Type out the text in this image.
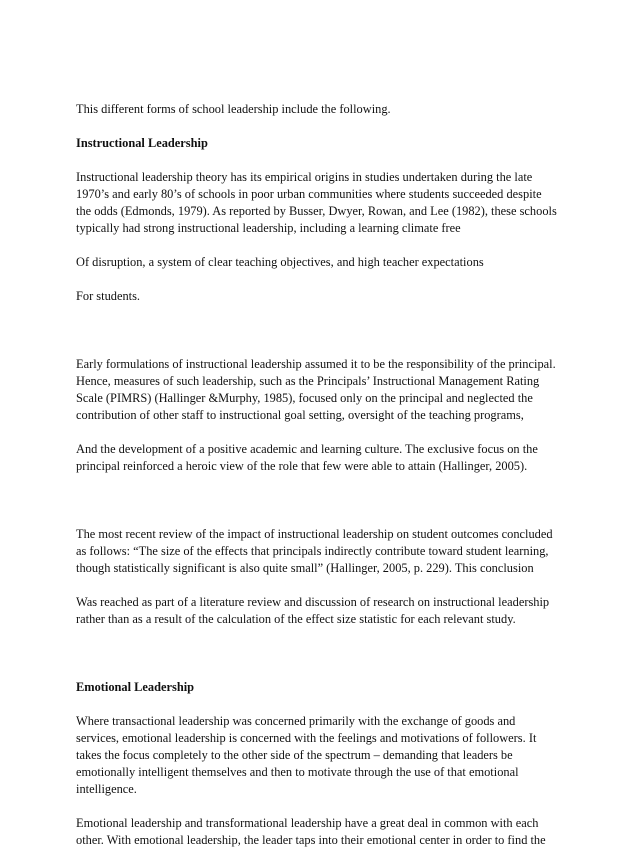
This different forms of school leadership include the following.

Instructional Leadership

Instructional leadership theory has its empirical origins in studies undertaken during the late
1970’s and early 80’s of schools in poor urban communities where students succeeded despite
the odds (Edmonds, 1979). As reported by Busser, Dwyer, Rowan, and Lee (1982), these schools
typically had strong instructional leadership, including a learning climate free

Of disruption, a system of clear teaching objectives, and high teacher expectations

For students.

Early formulations of instructional leadership assumed it to be the responsibility of the principal.
Hence, measures of such leadership, such as the Principals’ Instructional Management Rating
Scale (PIMRS) (Hallinger &Murphy, 1985), focused only on the principal and neglected the
contribution of other staff to instructional goal setting, oversight of the teaching programs,

And the development of a positive academic and learning culture. The exclusive focus on the
principal reinforced a heroic view of the role that few were able to attain (Hallinger, 2005).

The most recent review of the impact of instructional leadership on student outcomes concluded
as follows: “The size of the effects that principals indirectly contribute toward student learning,
though statistically significant is also quite small” (Hallinger, 2005, p. 229). This conclusion

Was reached as part of a literature review and discussion of research on instructional leadership
rather than as a result of the calculation of the effect size statistic for each relevant study.

Emotional Leadership

Where transactional leadership was concerned primarily with the exchange of goods and
services, emotional leadership is concerned with the feelings and motivations of followers. It
takes the focus completely to the other side of the spectrum – demanding that leaders be
emotionally intelligent themselves and then to motivate through the use of that emotional
intelligence.

Emotional leadership and transformational leadership have a great deal in common with each
other. With emotional leadership, the leader taps into their emotional center in order to find the
